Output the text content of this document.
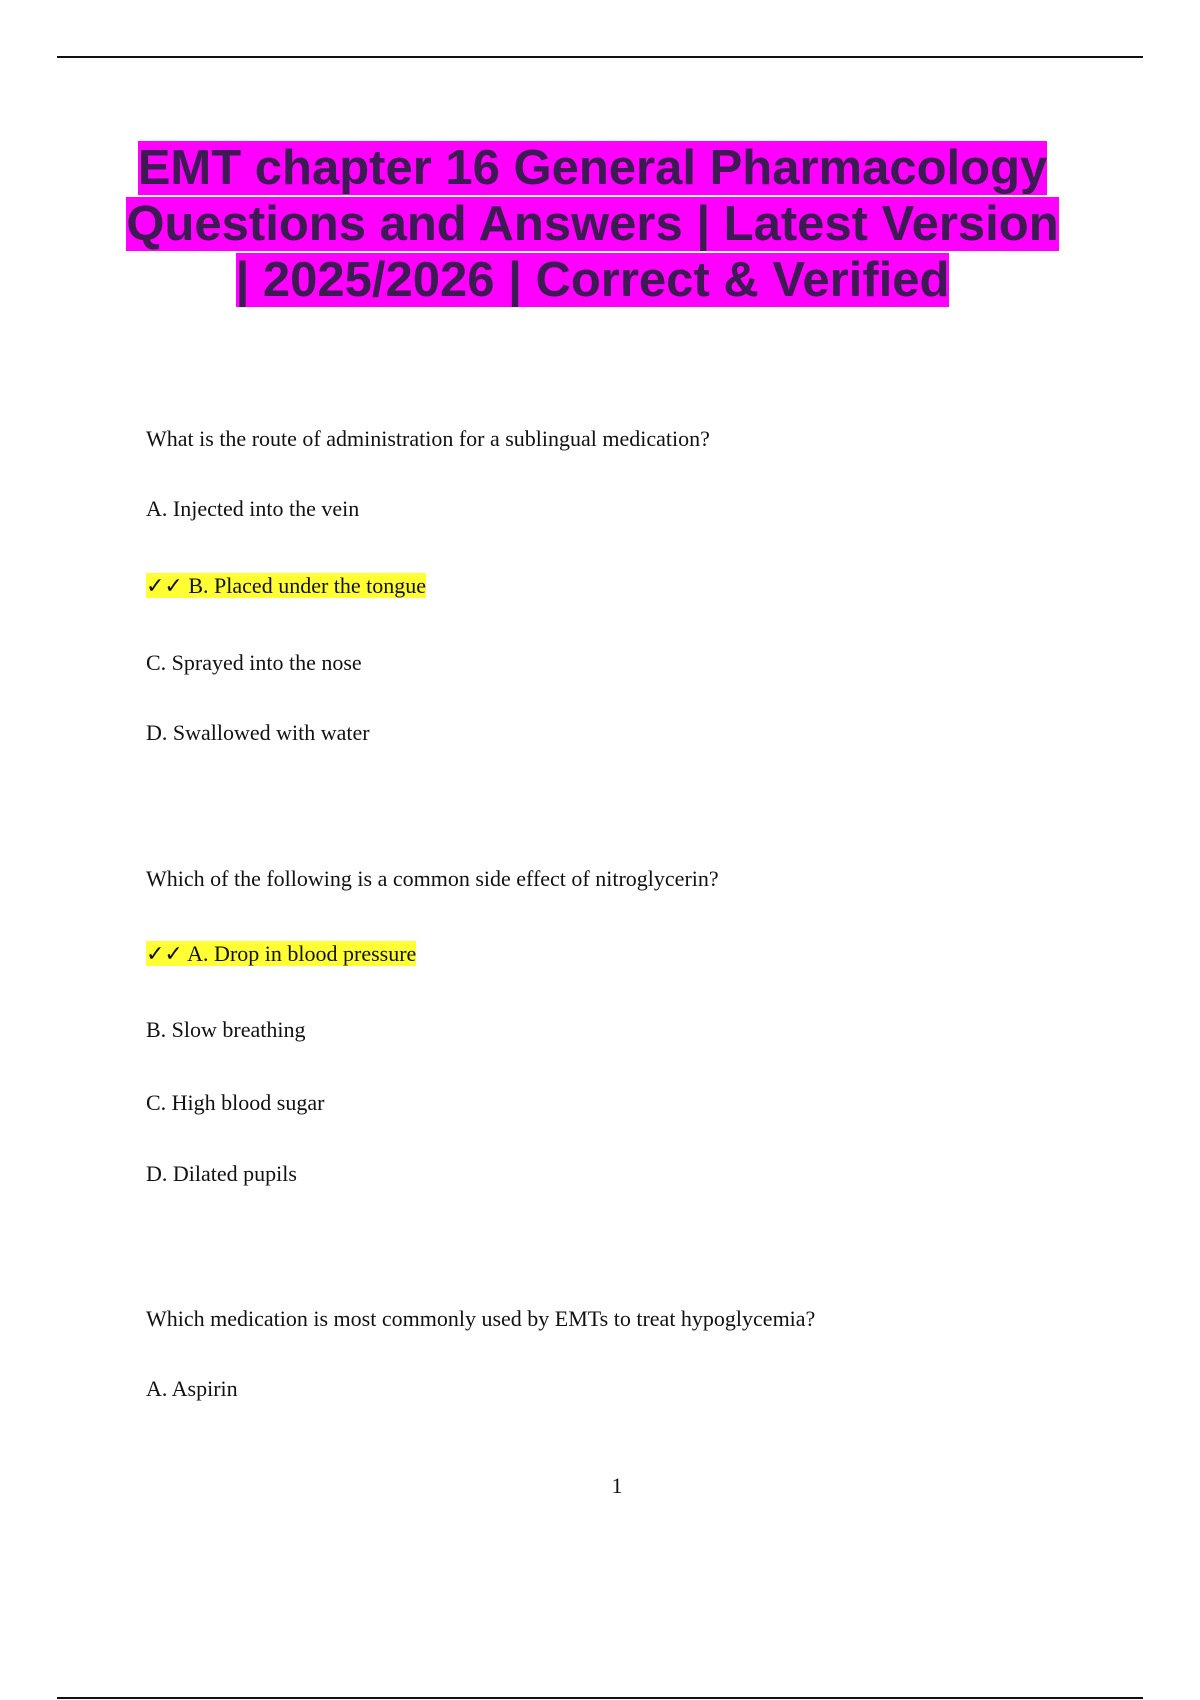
EMT chapter 16 General Pharmacology Questions and Answers | Latest Version | 2025/2026 | Correct & Verified
What is the route of administration for a sublingual medication?
A. Injected into the vein
✓✓ B. Placed under the tongue
C. Sprayed into the nose
D. Swallowed with water
Which of the following is a common side effect of nitroglycerin?
✓✓ A. Drop in blood pressure
B. Slow breathing
C. High blood sugar
D. Dilated pupils
Which medication is most commonly used by EMTs to treat hypoglycemia?
A. Aspirin
1
